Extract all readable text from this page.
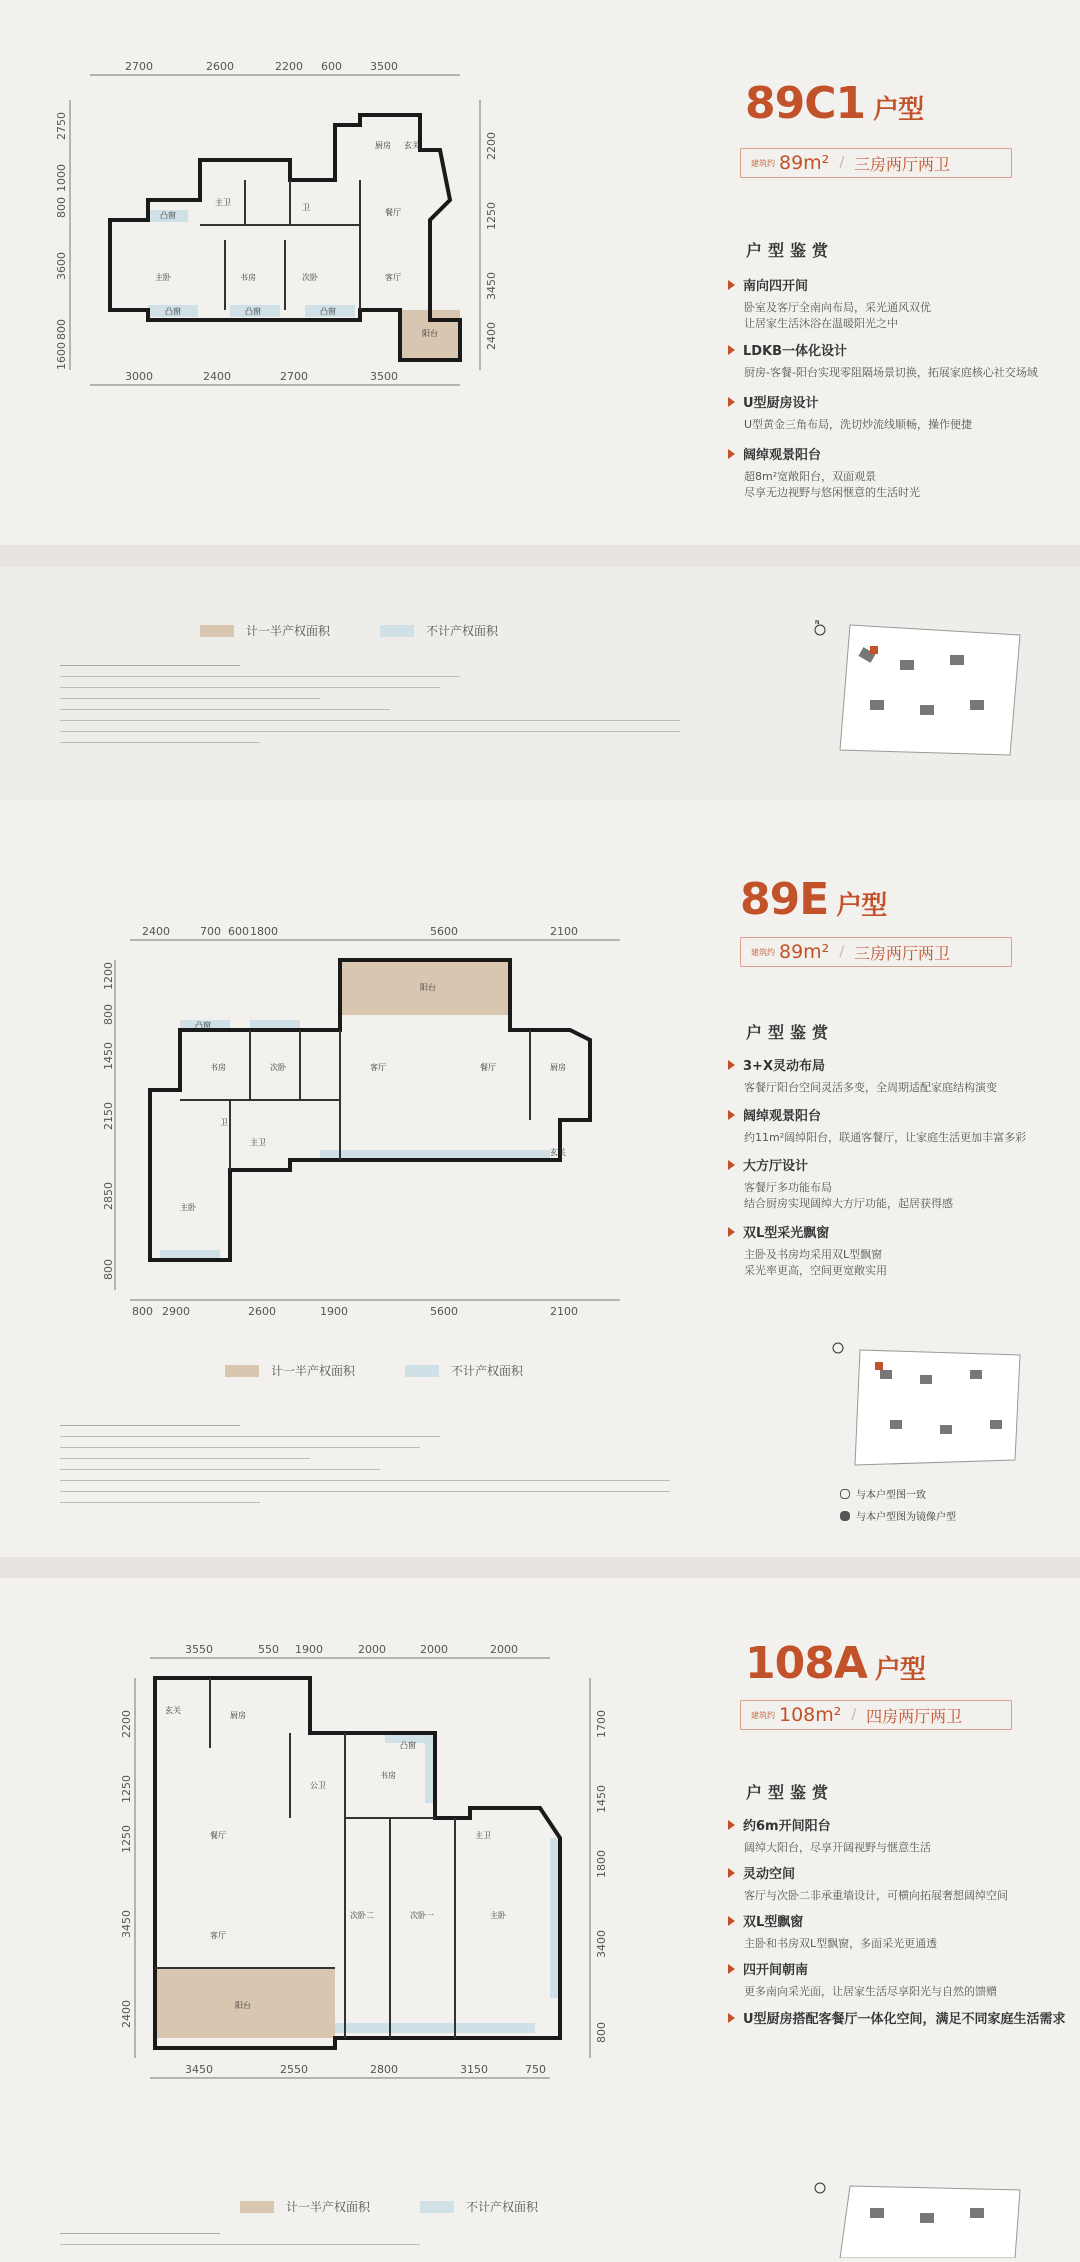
2700	2600	2200 600	3500
3000	2400	2700	3500
2750
1000
800
3600
800
1600
2200
1250
3450
2400
厨房 玄关
卫
主卫
餐厅
主卧	书房	次卧	客厅
阳台
凸窗
凸窗	凸窗	凸窗
89C1 户型
建筑约 89m² / 三房两厅两卫
户型鉴赏
南向四开间
卧室及客厅全南向布局，采光通风双优
让居家生活沐浴在温暖阳光之中
LDKB一体化设计
厨房-客餐-阳台实现零阻隔场景切换，拓展家庭核心社交场域
U型厨房设计
U型黄金三角布局，洗切炒流线顺畅，操作便捷
阔绰观景阳台
超8m²宽敞阳台，双面观景
尽享无边视野与悠闲惬意的生活时光
计一半产权面积	不计产权面积
N
2400	700 600 1800	5600	2100
800 2900	2600	1900	5600	2100
1200
800
1450
2150
2850
800
阳台
书房	次卧	客厅	餐厅	厨房
卫
主卫
主卧
凸窗
玄关
计一半产权面积	不计产权面积
与本户型图一致
与本户型图为镜像户型
89E 户型
建筑约 89m² / 三房两厅两卫
户型鉴赏
3+X灵动布局
客餐厅阳台空间灵活多变，全周期适配家庭结构演变
阔绰观景阳台
约11m²阔绰阳台，联通客餐厅，让家庭生活更加丰富多彩
大方厅设计
客餐厅多功能布局
结合厨房实现阔绰大方厅功能，起居获得感
双L型采光飘窗
主卧及书房均采用双L型飘窗
采光率更高，空间更宽敞实用
3550	550 1900	2000	2000	2000
3450	2550	2800	3150	750
2200
1250
1250
3450
2400
1700
1450
1800
3400
800
玄关
厨房
公卫
书房
餐厅	主卫
客厅
次卧二	次卧一	主卧
阳台
凸窗
108A 户型
建筑约 108m² / 四房两厅两卫
户型鉴赏
约6m开间阳台
阔绰大阳台，尽享开阔视野与惬意生活
灵动空间
客厅与次卧二非承重墙设计，可横向拓展奢想阔绰空间
双L型飘窗
主卧和书房双L型飘窗，多面采光更通透
四开间朝南
更多南向采光面，让居家生活尽享阳光与自然的馈赠
U型厨房搭配客餐厅一体化空间，满足不同家庭生活需求
计一半产权面积	不计产权面积
